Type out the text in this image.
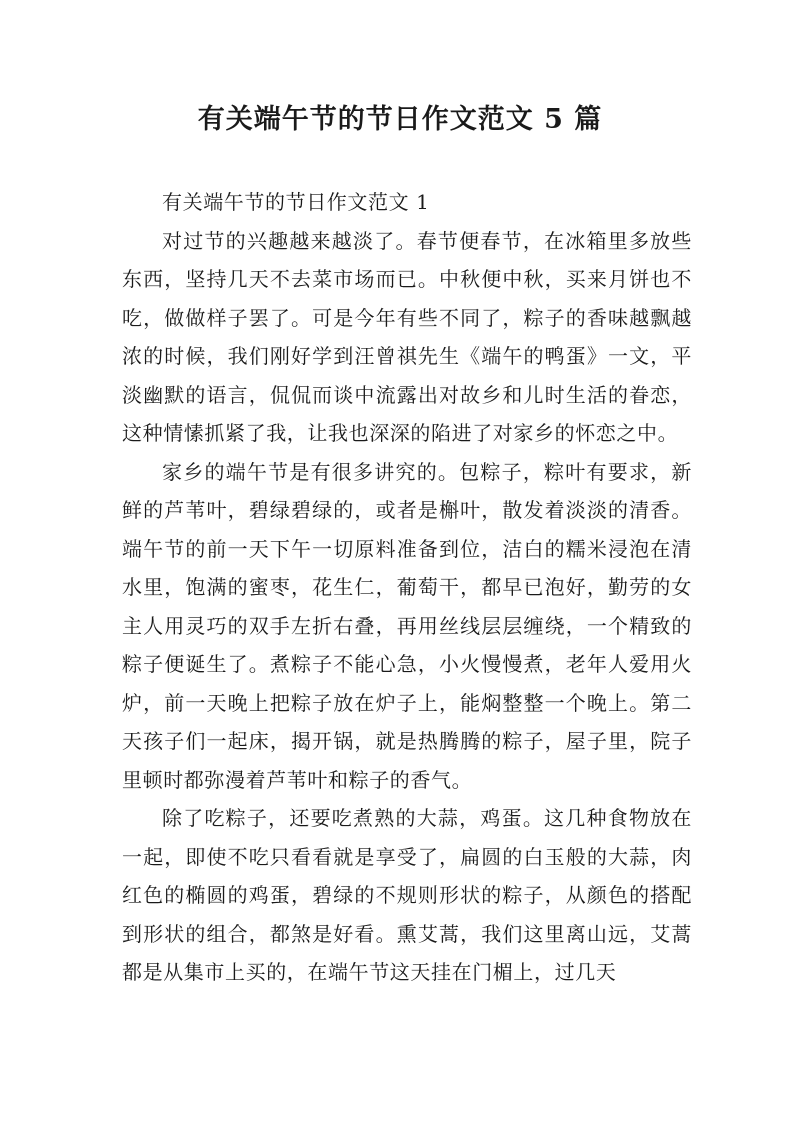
有关端午节的节日作文范文 5 篇

有关端午节的节日作文范文 1

对过节的兴趣越来越淡了。春节便春节，在冰箱里多放些东西，坚持几天不去菜市场而已。中秋便中秋，买来月饼也不吃，做做样子罢了。可是今年有些不同了，粽子的香味越飘越浓的时候，我们刚好学到汪曾祺先生《端午的鸭蛋》一文，平淡幽默的语言，侃侃而谈中流露出对故乡和儿时生活的眷恋，这种情愫抓紧了我，让我也深深的陷进了对家乡的怀恋之中。

家乡的端午节是有很多讲究的。包粽子，粽叶有要求，新鲜的芦苇叶，碧绿碧绿的，或者是槲叶，散发着淡淡的清香。端午节的前一天下午一切原料准备到位，洁白的糯米浸泡在清水里，饱满的蜜枣，花生仁，葡萄干，都早已泡好，勤劳的女主人用灵巧的双手左折右叠，再用丝线层层缠绕，一个精致的粽子便诞生了。煮粽子不能心急，小火慢慢煮，老年人爱用火炉，前一天晚上把粽子放在炉子上，能焖整整一个晚上。第二天孩子们一起床，揭开锅，就是热腾腾的粽子，屋子里，院子里顿时都弥漫着芦苇叶和粽子的香气。

除了吃粽子，还要吃煮熟的大蒜，鸡蛋。这几种食物放在一起，即使不吃只看看就是享受了，扁圆的白玉般的大蒜，肉红色的椭圆的鸡蛋，碧绿的不规则形状的粽子，从颜色的搭配到形状的组合，都煞是好看。熏艾蒿，我们这里离山远，艾蒿都是从集市上买的，在端午节这天挂在门楣上，过几天
